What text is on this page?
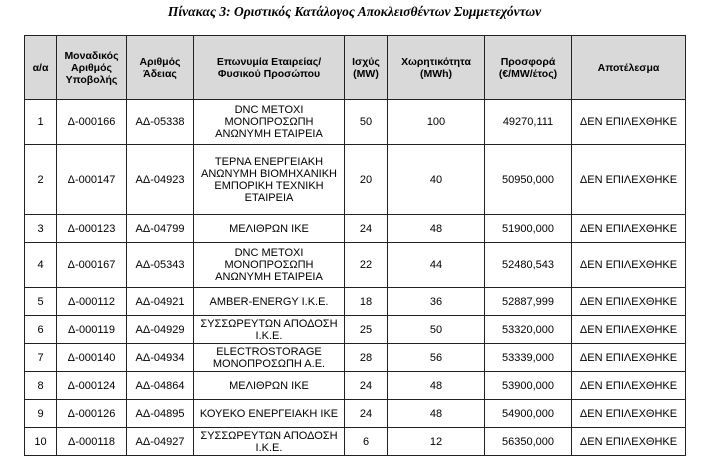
Πίνακας 3: Οριστικός Κατάλογος Αποκλεισθέντων Συμμετεχόντων
α/α	Μοναδικός Αριθμός Υποβολής	Αριθμός Άδειας	Επωνυμία Εταιρείας/Φυσικού Προσώπου	Ισχύς (MW)	Χωρητικότητα (MWh)	Προσφορά (€/MW/έτος)	Αποτέλεσμα
1	Δ-000166	ΑΔ-05338	DNC ΜΕΤΟΧΙ ΜΟΝΟΠΡΟΣΩΠΗ ΑΝΩΝΥΜΗ ΕΤΑΙΡΕΙΑ	50	100	49270,111	ΔΕΝ ΕΠΙΛΕΧΘΗΚΕ
2	Δ-000147	ΑΔ-04923	ΤΕΡΝΑ ΕΝΕΡΓΕΙΑΚΗ ΑΝΩΝΥΜΗ ΒΙΟΜΗΧΑΝΙΚΗ ΕΜΠΟΡΙΚΗ ΤΕΧΝΙΚΗ ΕΤΑΙΡΕΙΑ	20	40	50950,000	ΔΕΝ ΕΠΙΛΕΧΘΗΚΕ
3	Δ-000123	ΑΔ-04799	ΜΕΛΙΘΡΩΝ ΙΚΕ	24	48	51900,000	ΔΕΝ ΕΠΙΛΕΧΘΗΚΕ
4	Δ-000167	ΑΔ-05343	DNC ΜΕΤΟΧΙ ΜΟΝΟΠΡΟΣΩΠΗ ΑΝΩΝΥΜΗ ΕΤΑΙΡΕΙΑ	22	44	52480,543	ΔΕΝ ΕΠΙΛΕΧΘΗΚΕ
5	Δ-000112	ΑΔ-04921	AMBER-ENERGY Ι.Κ.Ε.	18	36	52887,999	ΔΕΝ ΕΠΙΛΕΧΘΗΚΕ
6	Δ-000119	ΑΔ-04929	ΣΥΣΣΩΡΕΥΤΩΝ ΑΠΟΔΟΣΗ Ι.Κ.Ε.	25	50	53320,000	ΔΕΝ ΕΠΙΛΕΧΘΗΚΕ
7	Δ-000140	ΑΔ-04934	ELECTROSTORAGE ΜΟΝΟΠΡΟΣΩΠΗ Α.Ε.	28	56	53339,000	ΔΕΝ ΕΠΙΛΕΧΘΗΚΕ
8	Δ-000124	ΑΔ-04864	ΜΕΛΙΘΡΩΝ ΙΚΕ	24	48	53900,000	ΔΕΝ ΕΠΙΛΕΧΘΗΚΕ
9	Δ-000126	ΑΔ-04895	ΚΟΥΕΚΟ ΕΝΕΡΓΕΙΑΚΗ ΙΚΕ	24	48	54900,000	ΔΕΝ ΕΠΙΛΕΧΘΗΚΕ
10	Δ-000118	ΑΔ-04927	ΣΥΣΣΩΡΕΥΤΩΝ ΑΠΟΔΟΣΗ Ι.Κ.Ε.	6	12	56350,000	ΔΕΝ ΕΠΙΛΕΧΘΗΚΕ
